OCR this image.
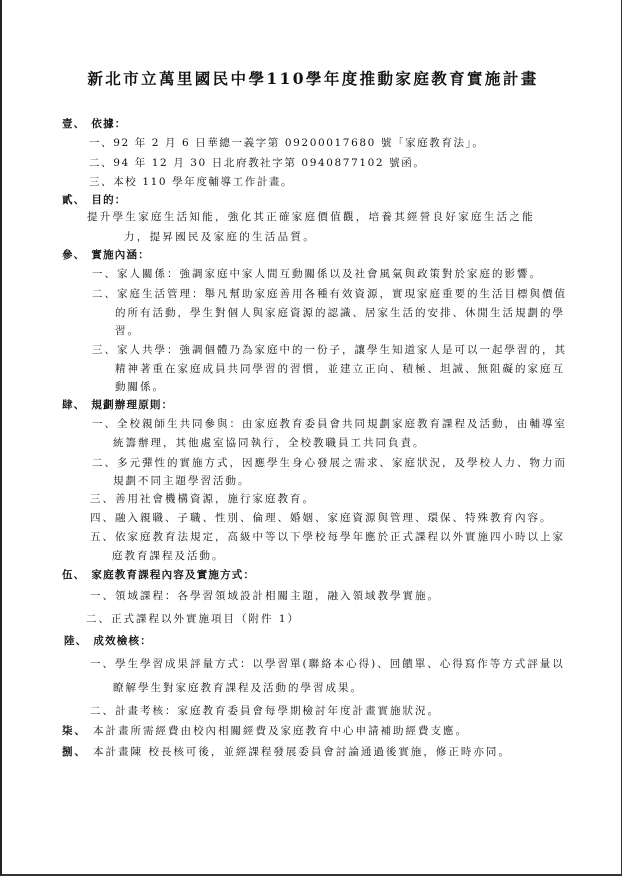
新北市立萬里國民中學110學年度推動家庭教育實施計畫
壹、 依據：
一、92 年 2 月 6 日華總一義字第 09200017680 號「家庭教育法」。
二、94 年 12 月 30 日北府教社字第 0940877102 號函。
三、本校 110 學年度輔導工作計畫。
貳、 目的：
提升學生家庭生活知能，強化其正確家庭價值觀，培養其經營良好家庭生活之能
力，提昇國民及家庭的生活品質。
參、 實施內涵：
一、家人關係：強調家庭中家人間互動關係以及社會風氣與政策對於家庭的影響。
二、家庭生活管理：舉凡幫助家庭善用各種有效資源，實現家庭重要的生活目標與價值
的所有活動，學生對個人與家庭資源的認識、居家生活的安排、休閒生活規劃的學
習。
三、家人共學：強調個體乃為家庭中的一份子，讓學生知道家人是可以一起學習的，其
精神著重在家庭成員共同學習的習慣，並建立正向、積極、坦誠、無阻礙的家庭互
動關係。
肆、 規劃辦理原則：
一、全校親師生共同參與：由家庭教育委員會共同規劃家庭教育課程及活動，由輔導室
統籌辦理，其他處室協同執行，全校教職員工共同負責。
二、多元彈性的實施方式，因應學生身心發展之需求、家庭狀況，及學校人力、物力而
規劃不同主題學習活動。
三、善用社會機構資源，施行家庭教育。
四、融入親職、子職、性別、倫理、婚姻、家庭資源與管理、環保、特殊教育內容。
五、依家庭教育法規定，高級中等以下學校每學年應於正式課程以外實施四小時以上家
庭教育課程及活動。
伍、 家庭教育課程內容及實施方式：
一、領域課程：各學習領域設計相關主題，融入領域教學實施。
二、正式課程以外實施項目（附件 1）
陸、 成效檢核：
一、學生學習成果評量方式：以學習單(聯絡本心得)、回饋單、心得寫作等方式評量以
瞭解學生對家庭教育課程及活動的學習成果。
二、計畫考核：家庭教育委員會每學期檢討年度計畫實施狀況。
柒、 本計畫所需經費由校內相關經費及家庭教育中心申請補助經費支應。
捌、 本計畫陳 校長核可後，並經課程發展委員會討論通過後實施，修正時亦同。
